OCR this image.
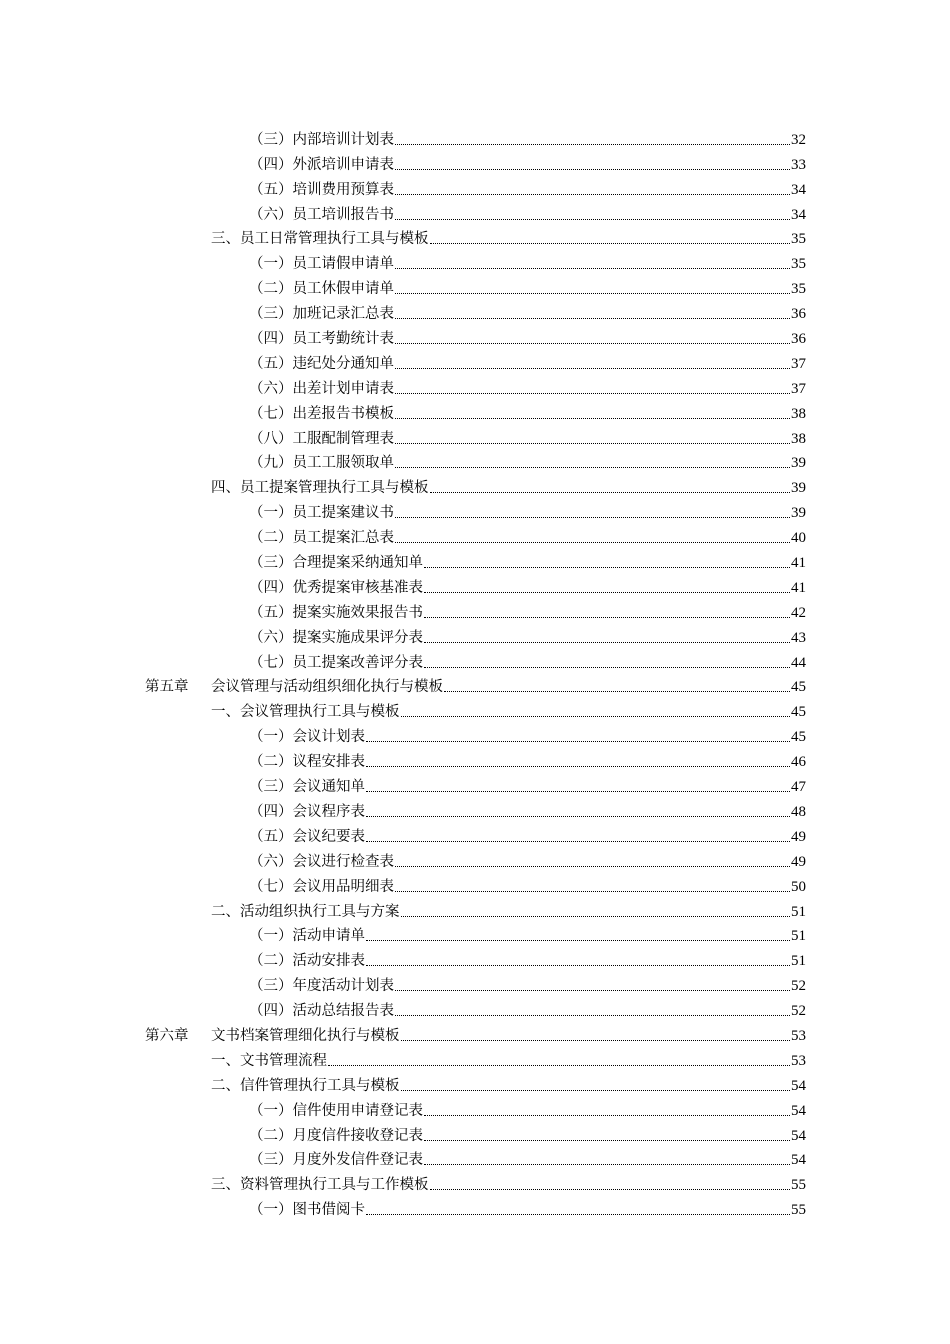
（三）内部培训计划表	32
（四）外派培训申请表	33
（五）培训费用预算表	34
（六）员工培训报告书	34
三、员工日常管理执行工具与模板	35
（一）员工请假申请单	35
（二）员工休假申请单	35
（三）加班记录汇总表	36
（四）员工考勤统计表	36
（五）违纪处分通知单	37
（六）出差计划申请表	37
（七）出差报告书模板	38
（八）工服配制管理表	38
（九）员工工服领取单	39
四、员工提案管理执行工具与模板	39
（一）员工提案建议书	39
（二）员工提案汇总表	40
（三）合理提案采纳通知单	41
（四）优秀提案审核基准表	41
（五）提案实施效果报告书	42
（六）提案实施成果评分表	43
（七）员工提案改善评分表	44
第五章	会议管理与活动组织细化执行与模板	45
一、会议管理执行工具与模板	45
（一）会议计划表	45
（二）议程安排表	46
（三）会议通知单	47
（四）会议程序表	48
（五）会议纪要表	49
（六）会议进行检查表	49
（七）会议用品明细表	50
二、活动组织执行工具与方案	51
（一）活动申请单	51
（二）活动安排表	51
（三）年度活动计划表	52
（四）活动总结报告表	52
第六章	文书档案管理细化执行与模板	53
一、文书管理流程	53
二、信件管理执行工具与模板	54
（一）信件使用申请登记表	54
（二）月度信件接收登记表	54
（三）月度外发信件登记表	54
三、资料管理执行工具与工作模板	55
（一）图书借阅卡	55
